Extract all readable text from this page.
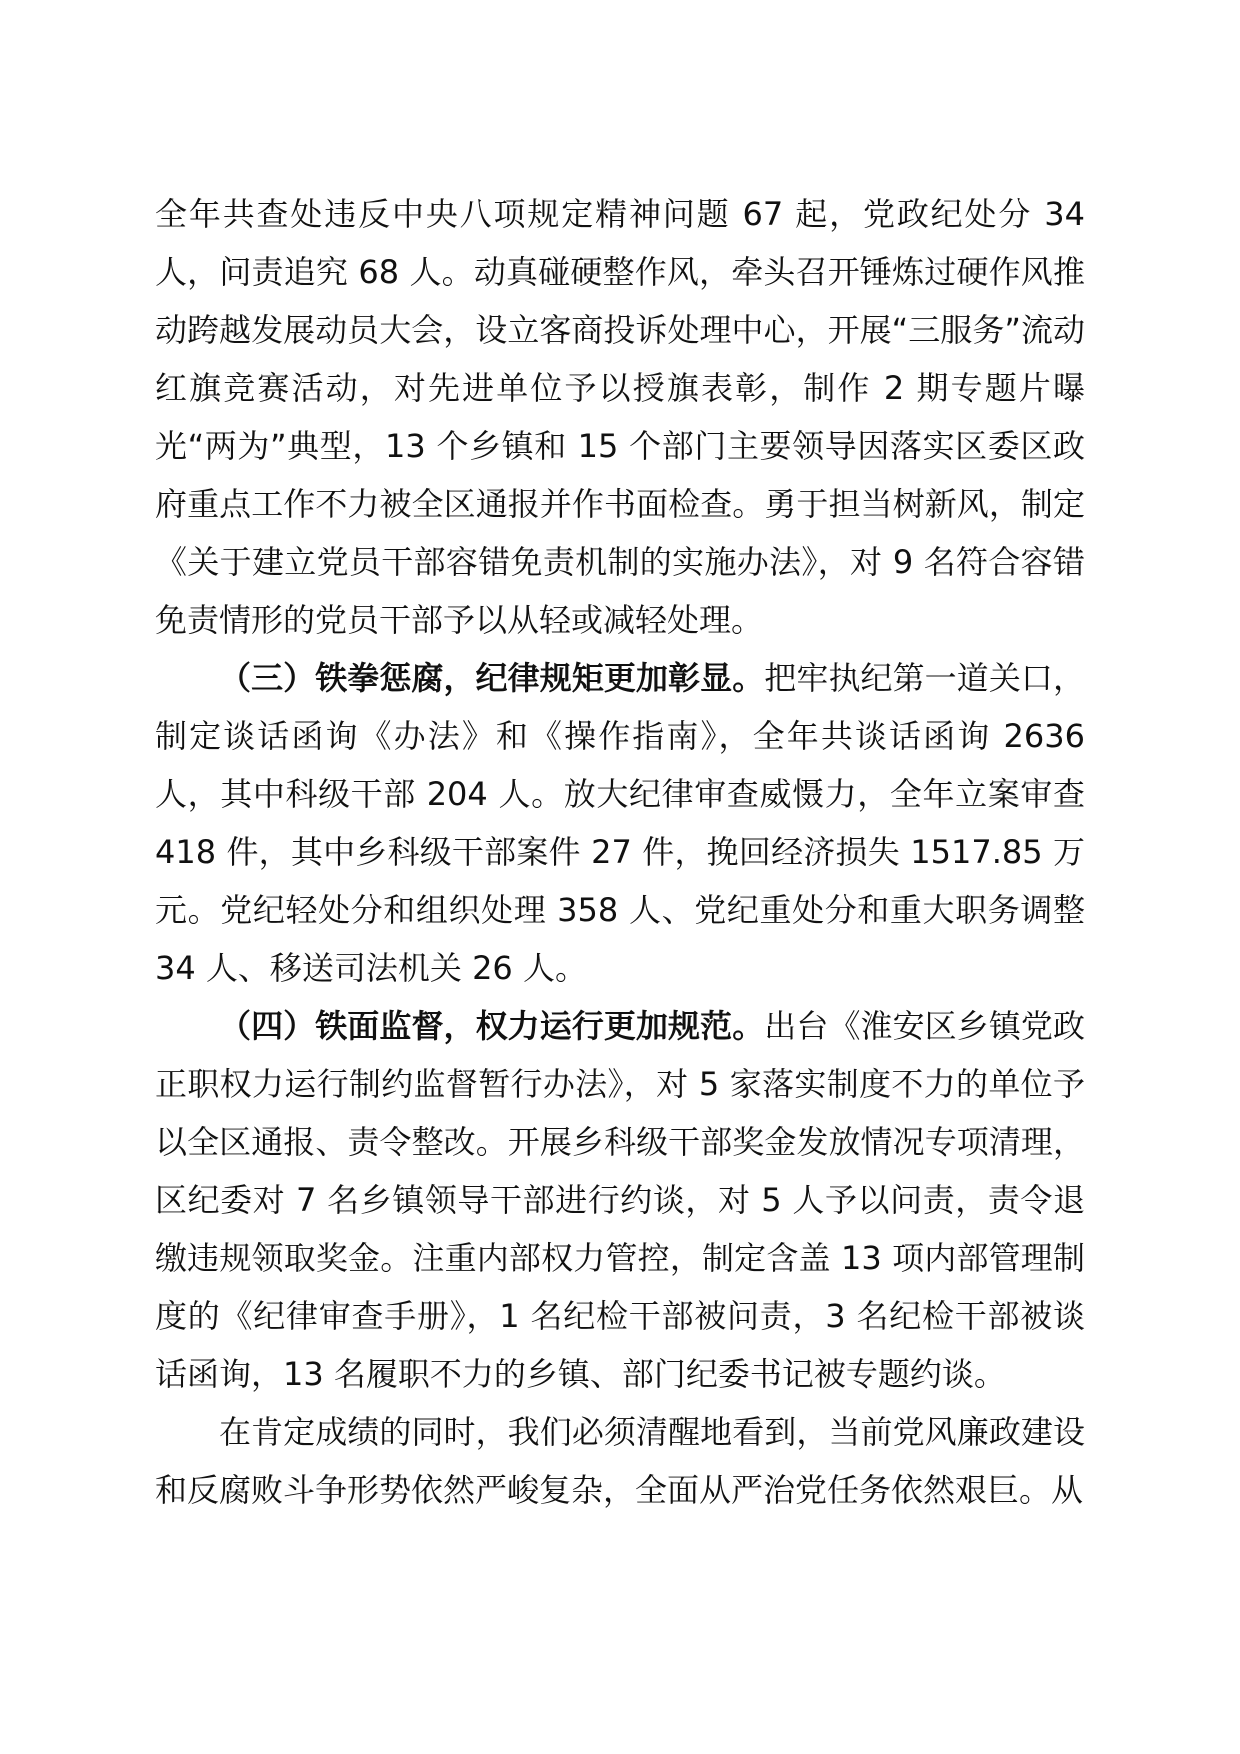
全年共查处违反中央八项规定精神问题 67 起，党政纪处分 34 人，问责追究 68 人。动真碰硬整作风，牵头召开锤炼过硬作风推动跨越发展动员大会，设立客商投诉处理中心，开展“三服务”流动红旗竞赛活动，对先进单位予以授旗表彰，制作 2 期专题片曝光“两为”典型，13 个乡镇和 15 个部门主要领导因落实区委区政府重点工作不力被全区通报并作书面检查。勇于担当树新风，制定《关于建立党员干部容错免责机制的实施办法》，对 9 名符合容错免责情形的党员干部予以从轻或减轻处理。

（三）铁拳惩腐，纪律规矩更加彰显。把牢执纪第一道关口，制定谈话函询《办法》和《操作指南》，全年共谈话函询 2636 人，其中科级干部 204 人。放大纪律审查威慑力，全年立案审查 418 件，其中乡科级干部案件 27 件，挽回经济损失 1517.85 万元。党纪轻处分和组织处理 358 人、党纪重处分和重大职务调整 34 人、移送司法机关 26 人。

（四）铁面监督，权力运行更加规范。出台《淮安区乡镇党政正职权力运行制约监督暂行办法》，对 5 家落实制度不力的单位予以全区通报、责令整改。开展乡科级干部奖金发放情况专项清理，区纪委对 7 名乡镇领导干部进行约谈，对 5 人予以问责，责令退缴违规领取奖金。注重内部权力管控，制定含盖 13 项内部管理制度的《纪律审查手册》，1 名纪检干部被问责，3 名纪检干部被谈话函询，13 名履职不力的乡镇、部门纪委书记被专题约谈。

在肯定成绩的同时，我们必须清醒地看到，当前党风廉政建设和反腐败斗争形势依然严峻复杂，全面从严治党任务依然艰巨。从
